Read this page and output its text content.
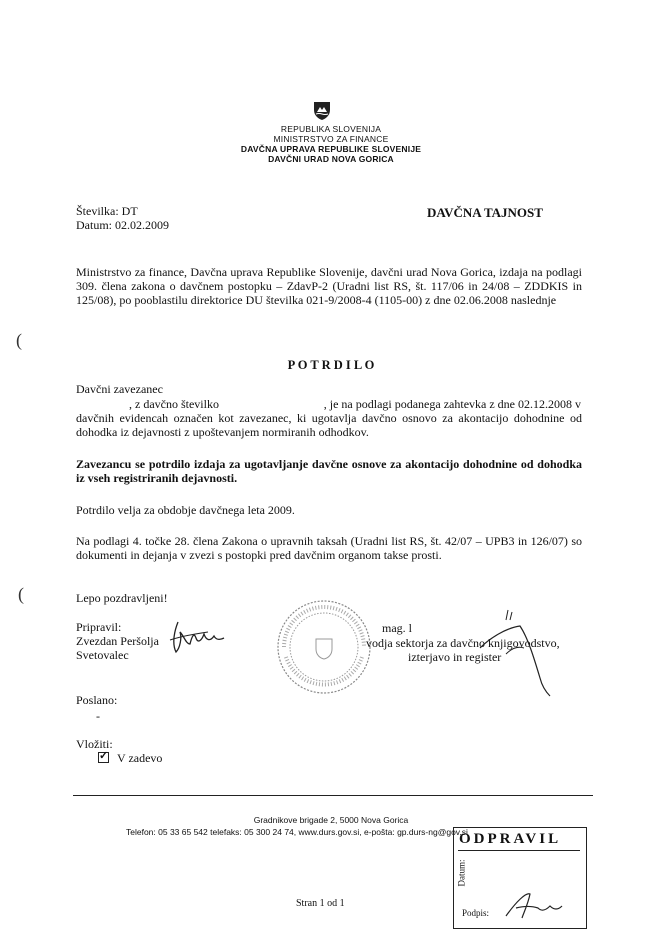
REPUBLIKA SLOVENIJA
MINISTRSTVO ZA FINANCE
DAVČNA UPRAVA REPUBLIKE SLOVENIJE
DAVČNI URAD NOVA GORICA
Številka: DT
Datum: 02.02.2009
DAVČNA TAJNOST
Ministrstvo za finance, Davčna uprava Republike Slovenije, davčni urad Nova Gorica, izdaja na podlagi 309. člena zakona o davčnem postopku – ZdavP-2 (Uradni list RS, št. 117/06 in 24/08 – ZDDKIS in 125/08), po pooblastilu direktorice DU številka 021-9/2008-4 (1105-00) z dne 02.06.2008 naslednje
(
(
P O T R D I L O
Davčni zavezanec
, z davčno številko	, je na podlagi podanega zahtevka z dne 02.12.2008 v
davčnih evidencah označen kot zavezanec, ki ugotavlja davčno osnovo za akontacijo dohodnine od dohodka iz dejavnosti z upoštevanjem normiranih odhodkov.
Zavezancu se potrdilo izdaja za ugotavljanje davčne osnove za akontacijo dohodnine od dohodka iz vseh registriranih dejavnosti.
Potrdilo velja za obdobje davčnega leta 2009.
Na podlagi 4. točke 28. člena Zakona o upravnih taksah (Uradni list RS, št. 42/07 – UPB3 in 126/07) so dokumenti in dejanja v zvezi s postopki pred davčnim organom takse prosti.
Lepo pozdravljeni!
Pripravil:
Zvezdan Peršolja
Svetovalec
mag. l
vodja sektorja za davčno knjigovodstvo,
izterjavo in register
Poslano:
-
Vložiti:
✓V zadevo
Gradnikove brigade 2, 5000 Nova Gorica
Telefon: 05 33 65 542 telefaks: 05 300 24 74, www.durs.gov.si, e-pošta: gp.durs-ng@gov.si
Stran 1 od 1
ODPRAVIL
Datum:
Podpis:
